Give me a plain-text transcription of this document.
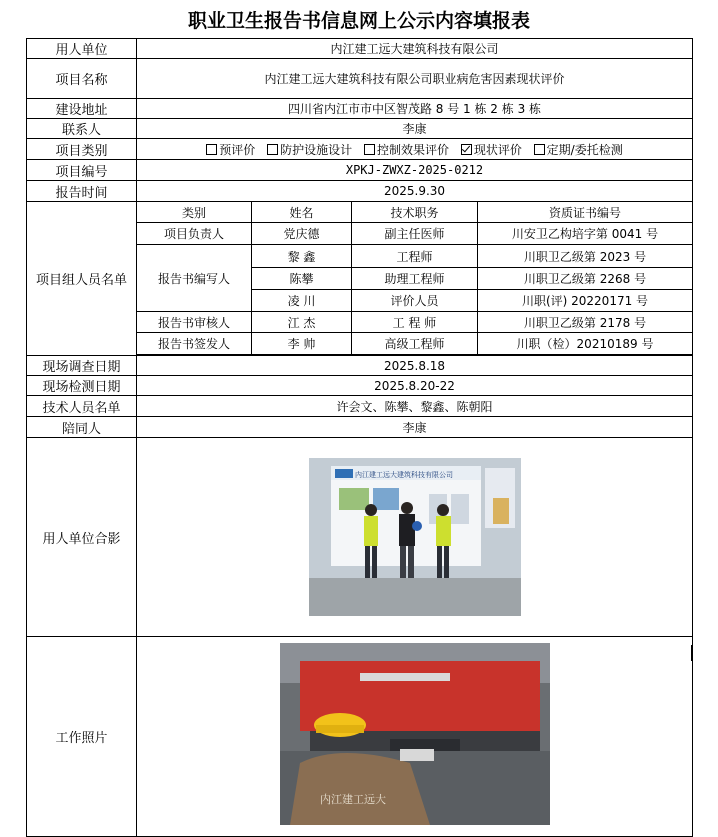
职业卫生报告书信息网上公示内容填报表
用人单位	内江建工远大建筑科技有限公司			
项目名称	内江建工远大建筑科技有限公司职业病危害因素现状评价			
建设地址	四川省内江市市中区智茂路 8 号 1 栋 2 栋 3 栋			
联系人	李康			
项目类别	预评价 防护设施设计 控制效果评价 现状评价 定期/委托检测			
项目编号	XPKJ-ZWXZ-2025-0212			
报告时间	2025.9.30			
项目组人员名单	类别	姓名	技术职务	资质证书编号
	项目负责人	党庆德	副主任医师	川安卫乙构培字第 0041 号
	报告书编写人	黎 鑫	工程师	川职卫乙级第 2023 号
		陈攀	助理工程师	川职卫乙级第 2268 号
		凌 川	评价人员	川职(评) 20220171 号
	报告书审核人	江 杰	工 程 师	川职卫乙级第 2178 号
	报告书签发人	李 帅	高级工程师	川职（检）20210189 号

现场调查日期	2025.8.18			
现场检测日期	2025.8.20-22			
技术人员名单	许会文、陈攀、黎鑫、陈朝阳			
陪同人	李康			
用人单位合影	内江建工远大建筑科技有限公司			

工作照片	内江建工远大			
